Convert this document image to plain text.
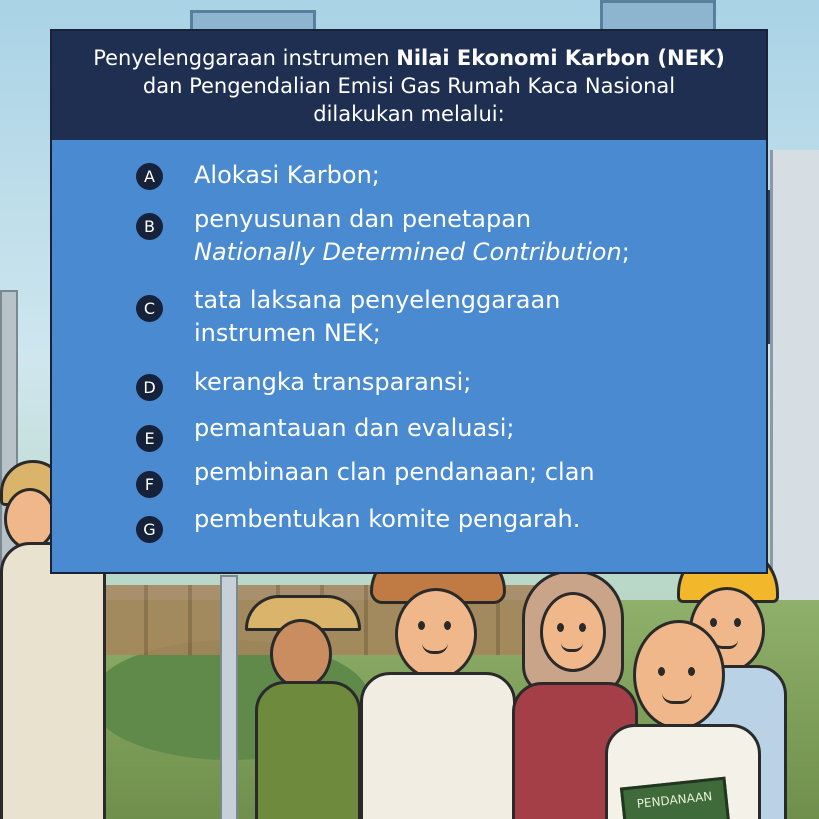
PENDANAAN

Penyelenggaraan instrumen Nilai Ekonomi Karbon (NEK)
dan Pengendalian Emisi Gas Rumah Kaca Nasional
dilakukan melalui:

A	Alokasi Karbon;
B	penyusunan dan penetapan
Nationally Determined Contribution;
C	tata laksana penyelenggaraan
instrumen NEK;
D	kerangka transparansi;
E	pemantauan dan evaluasi;
F	pembinaan clan pendanaan; clan
G	pembentukan komite pengarah.
